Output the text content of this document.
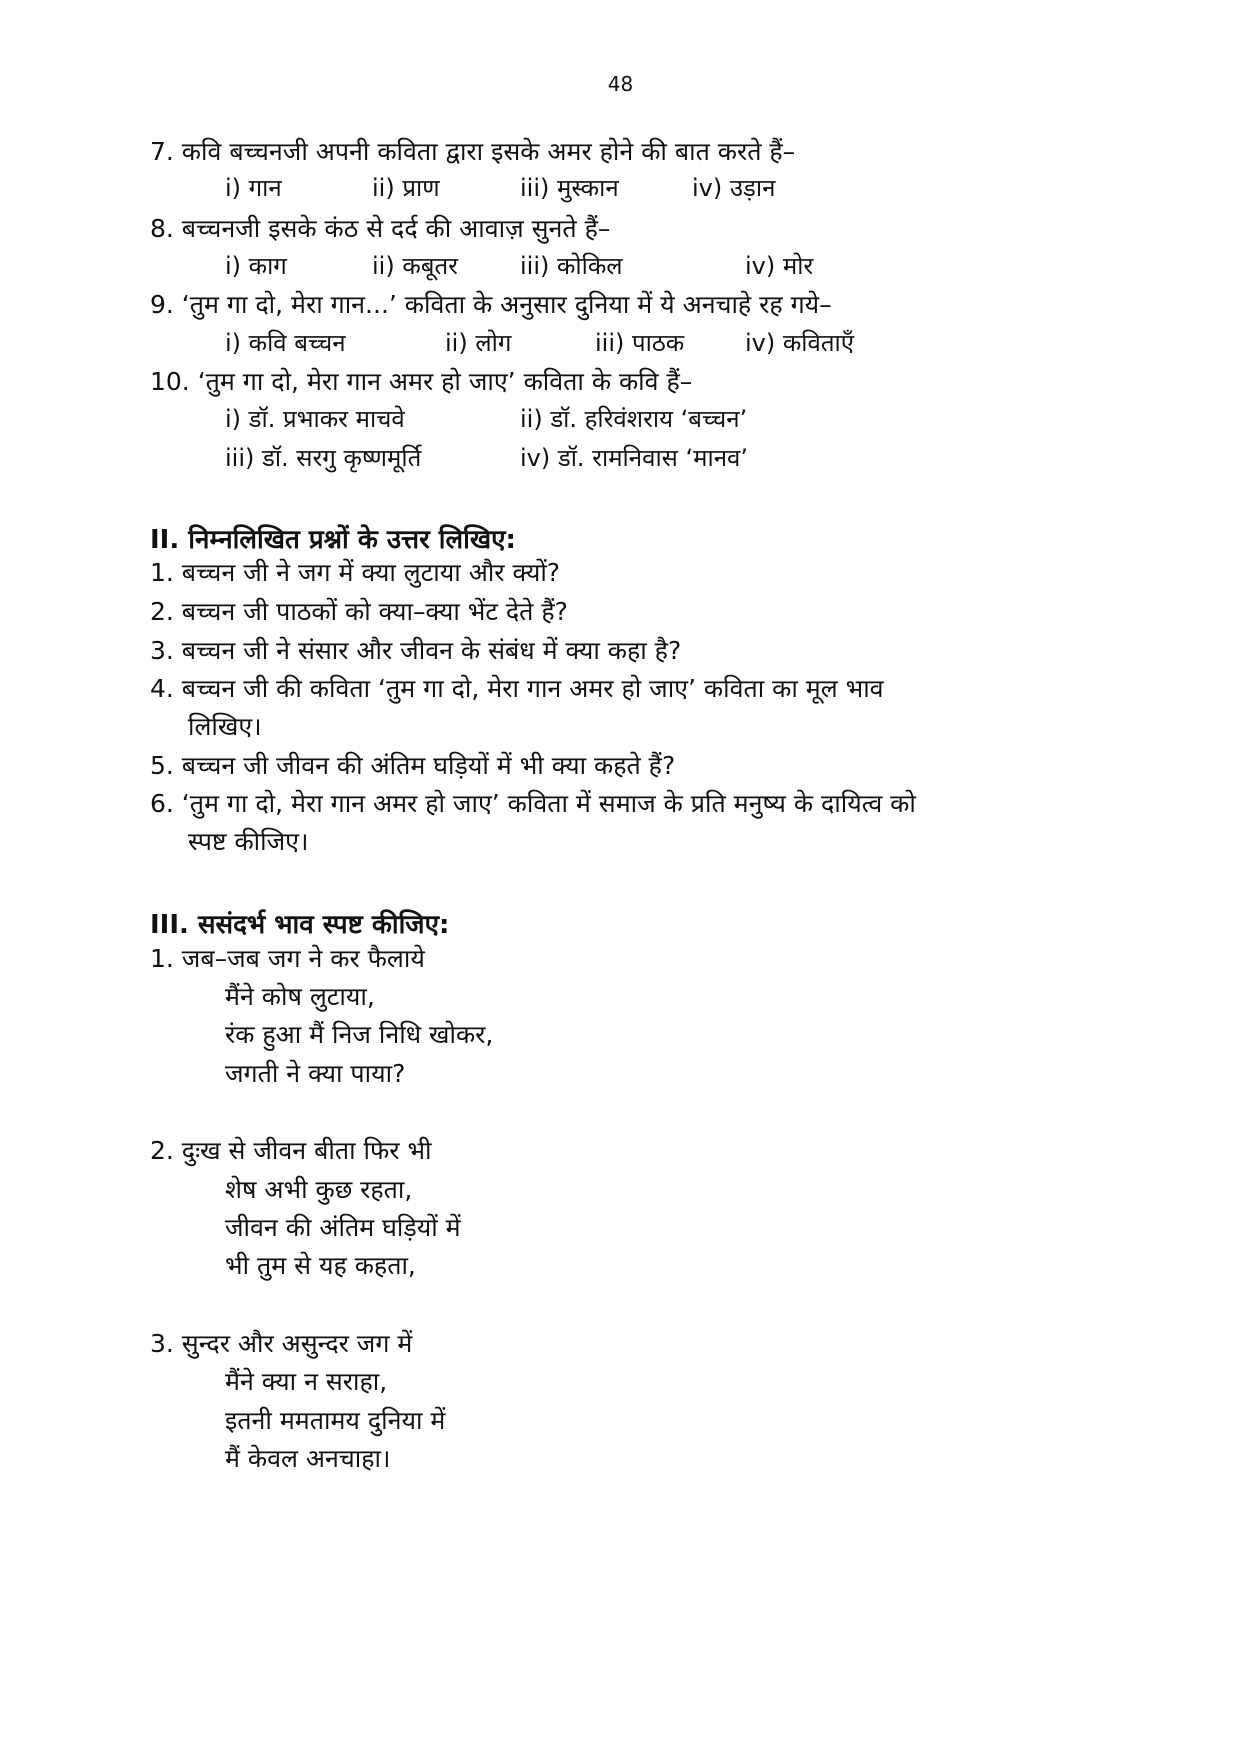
48
7. कवि बच्चनजी अपनी कविता द्वारा इसके अमर होने की बात करते हैं–
i) गान	ii) प्राण	iii) मुस्कान	iv) उड़ान
8. बच्चनजी इसके कंठ से दर्द की आवाज़ सुनते हैं–
i) काग	ii) कबूतर	iii) कोकिल	iv) मोर
9. ‘तुम गा दो, मेरा गान...’ कविता के अनुसार दुनिया में ये अनचाहे रह गये–
i) कवि बच्चन	ii) लोग	iii) पाठक	iv) कविताएँ
10. ‘तुम गा दो, मेरा गान अमर हो जाए’ कविता के कवि हैं–
i) डॉ. प्रभाकर माचवे	ii) डॉ. हरिवंशराय ‘बच्चन’
iii) डॉ. सरगु कृष्णमूर्ति	iv) डॉ. रामनिवास ‘मानव’
II. निम्नलिखित प्रश्नों के उत्तर लिखिए:
1. बच्चन जी ने जग में क्या लुटाया और क्यों?
2. बच्चन जी पाठकों को क्या–क्या भेंट देते हैं?
3. बच्चन जी ने संसार और जीवन के संबंध में क्या कहा है?
4. बच्चन जी की कविता ‘तुम गा दो, मेरा गान अमर हो जाए’ कविता का मूल भाव
लिखिए।
5. बच्चन जी जीवन की अंतिम घड़ियों में भी क्या कहते हैं?
6. ‘तुम गा दो, मेरा गान अमर हो जाए’ कविता में समाज के प्रति मनुष्य के दायित्व को
स्पष्ट कीजिए।
III. ससंदर्भ भाव स्पष्ट कीजिए:
1. जब–जब जग ने कर फैलाये
मैंने कोष लुटाया,
रंक हुआ मैं निज निधि खोकर,
जगती ने क्या पाया?
2. दुःख से जीवन बीता फिर भी
शेष अभी कुछ रहता,
जीवन की अंतिम घड़ियों में
भी तुम से यह कहता,
3. सुन्दर और असुन्दर जग में
मैंने क्या न सराहा,
इतनी ममतामय दुनिया में
मैं केवल अनचाहा।
